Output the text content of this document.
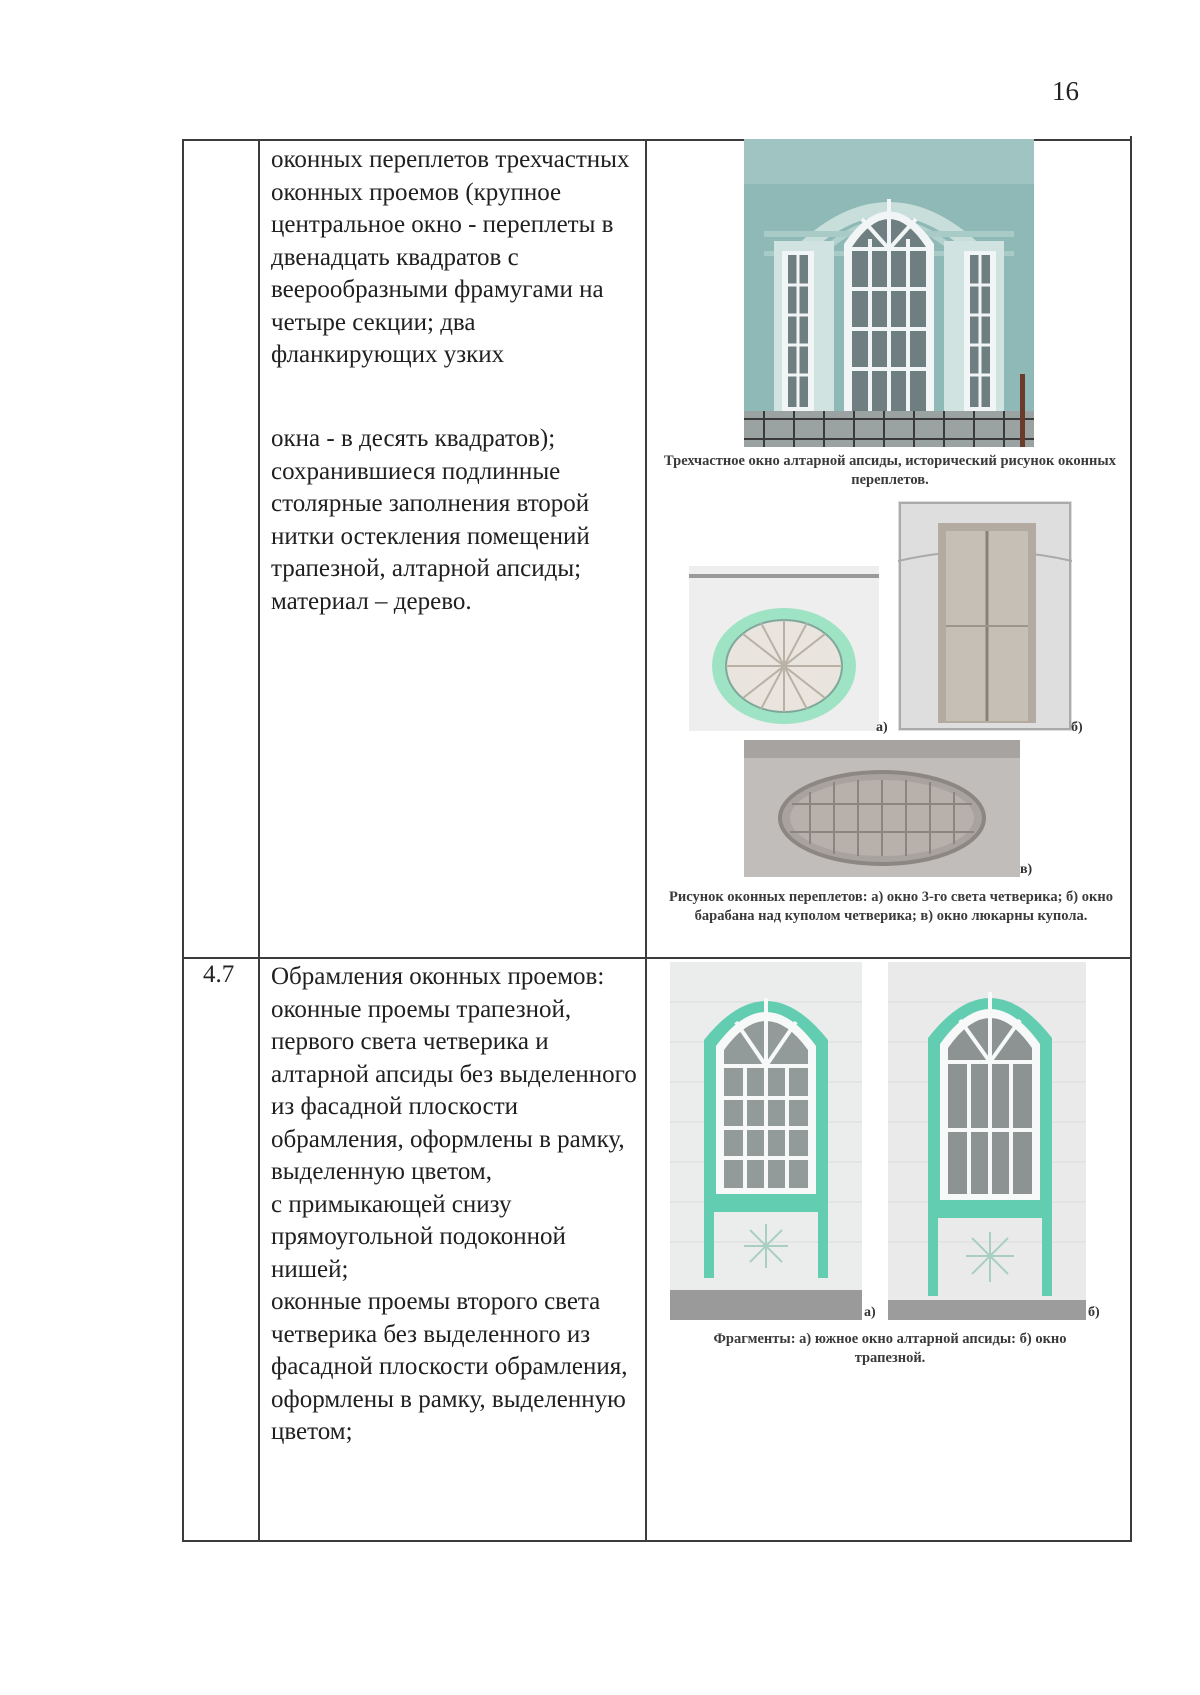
16
оконных переплетов трехчастных оконных проемов (крупное центральное окно - переплеты в двенадцать квадратов с веерообразными фрамугами на четыре секции; два фланкирующих узких
окна - в десять квадратов); сохранившиеся подлинные столярные заполнения второй нитки остекления помещений трапезной, алтарной апсиды; материал – дерево.
Трехчастное окно алтарной апсиды, исторический рисунок оконных переплетов.
а)	б)
в)
Рисунок оконных переплетов: а) окно 3-го света четверика; б) окно барабана над куполом четверика; в) окно люкарны купола.
4.7 Обрамления оконных проемов:
оконные проемы трапезной, первого света четверика и алтарной апсиды без выделенного из фасадной плоскости обрамления, оформлены в рамку, выделенную цветом,
с примыкающей снизу прямоугольной подоконной нишей;
оконные проемы второго света четверика без выделенного из фасадной плоскости обрамления, оформлены в рамку, выделенную цветом;
а)	б)
Фрагменты: а) южное окно алтарной апсиды: б) окно трапезной.
